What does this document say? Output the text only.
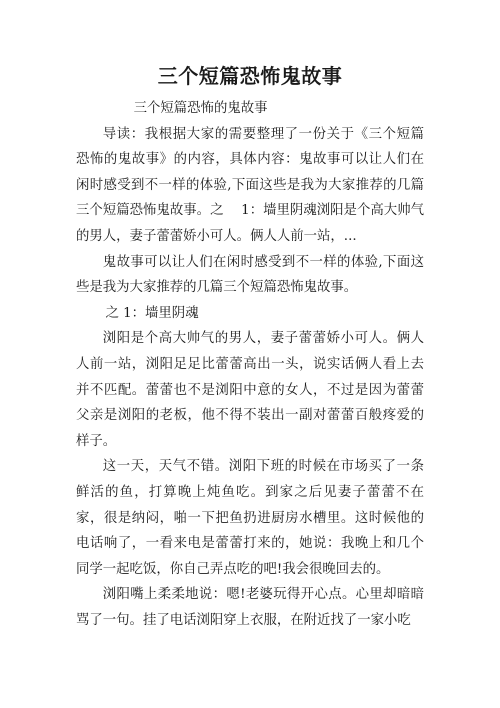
三个短篇恐怖鬼故事

三个短篇恐怖的鬼故事

导读：我根据大家的需要整理了一份关于《三个短篇恐怖的鬼故事》的内容，具体内容：鬼故事可以让人们在闲时感受到不一样的体验,下面这些是我为大家推荐的几篇三个短篇恐怖鬼故事。之　 1：墙里阴魂浏阳是个高大帅气的男人，妻子蕾蕾娇小可人。俩人人前一站，...

鬼故事可以让人们在闲时感受到不一样的体验,下面这些是我为大家推荐的几篇三个短篇恐怖鬼故事。

之 1：墙里阴魂

浏阳是个高大帅气的男人，妻子蕾蕾娇小可人。俩人人前一站，浏阳足足比蕾蕾高出一头，说实话俩人看上去并不匹配。蕾蕾也不是浏阳中意的女人，不过是因为蕾蕾父亲是浏阳的老板，他不得不装出一副对蕾蕾百般疼爱的样子。

这一天，天气不错。浏阳下班的时候在市场买了一条鲜活的鱼，打算晚上炖鱼吃。到家之后见妻子蕾蕾不在家，很是纳闷，啪一下把鱼扔进厨房水槽里。这时候他的电话响了，一看来电是蕾蕾打来的，她说：我晚上和几个同学一起吃饭，你自己弄点吃的吧!我会很晚回去的。

浏阳嘴上柔柔地说：嗯!老婆玩得开心点。心里却暗暗骂了一句。挂了电话浏阳穿上衣服，在附近找了一家小吃
